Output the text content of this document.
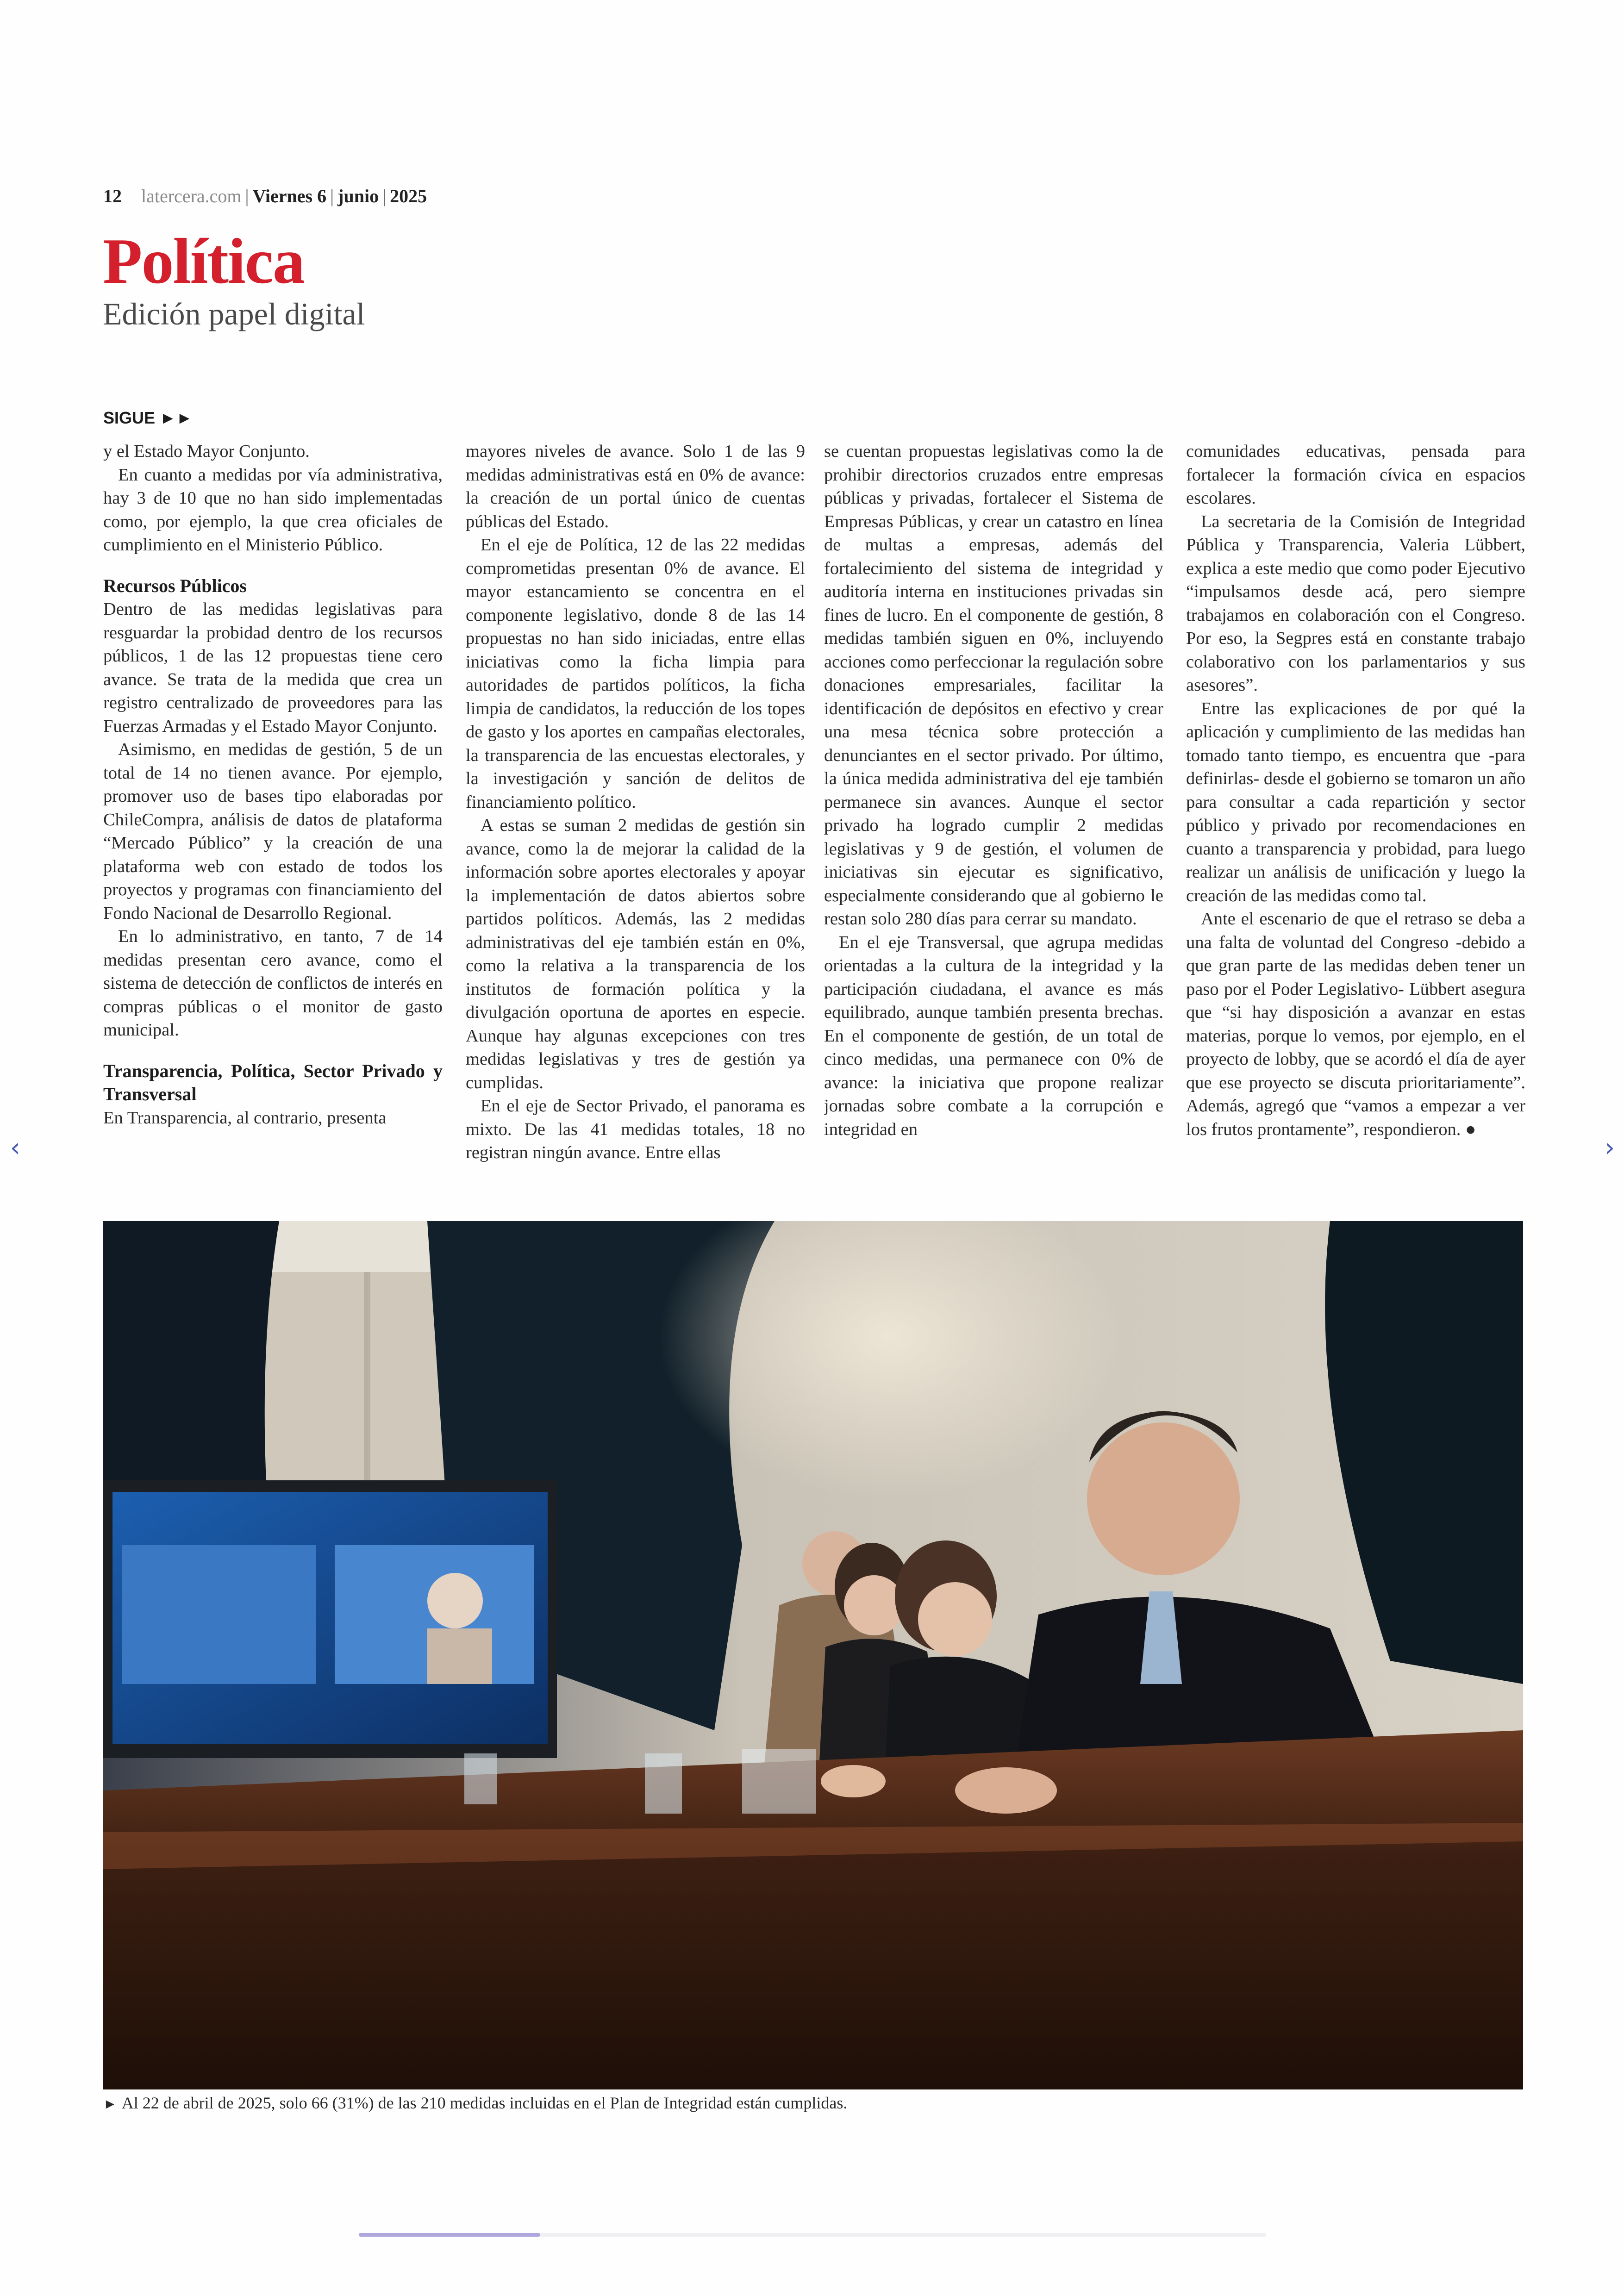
12 latercera.com | Viernes 6 | junio | 2025
Política
Edición papel digital
SIGUE ►►

y el Estado Mayor Conjunto.

En cuanto a medidas por vía administrativa, hay 3 de 10 que no han sido implementadas como, por ejemplo, la que crea oficiales de cumplimiento en el Ministerio Público.

Recursos Públicos

Dentro de las medidas legislativas para resguardar la probidad dentro de los recursos públicos, 1 de las 12 propuestas tiene cero avance. Se trata de la medida que crea un registro centralizado de proveedores para las Fuerzas Armadas y el Estado Mayor Conjunto.

Asimismo, en medidas de gestión, 5 de un total de 14 no tienen avance. Por ejemplo, promover uso de bases tipo elaboradas por ChileCompra, análisis de datos de plataforma “Mercado Público” y la creación de una plataforma web con estado de todos los proyectos y programas con financiamiento del Fondo Nacional de Desarrollo Regional.

En lo administrativo, en tanto, 7 de 14 medidas presentan cero avance, como el sistema de detección de conflictos de interés en compras públicas o el monitor de gasto municipal.

Transparencia, Política, Sector Privado y Transversal

En Transparencia, al contrario, presenta

mayores niveles de avance. Solo 1 de las 9 medidas administrativas está en 0% de avance: la creación de un portal único de cuentas públicas del Estado.

En el eje de Política, 12 de las 22 medidas comprometidas presentan 0% de avance. El mayor estancamiento se concentra en el componente legislativo, donde 8 de las 14 propuestas no han sido iniciadas, entre ellas iniciativas como la ficha limpia para autoridades de partidos políticos, la ficha limpia de candidatos, la reducción de los topes de gasto y los aportes en campañas electorales, la transparencia de las encuestas electorales, y la investigación y sanción de delitos de financiamiento político.

A estas se suman 2 medidas de gestión sin avance, como la de mejorar la calidad de la información sobre aportes electorales y apoyar la implementación de datos abiertos sobre partidos políticos. Además, las 2 medidas administrativas del eje también están en 0%, como la relativa a la transparencia de los institutos de formación política y la divulgación oportuna de aportes en especie. Aunque hay algunas excepciones con tres medidas legislativas y tres de gestión ya cumplidas.

En el eje de Sector Privado, el panorama es mixto. De las 41 medidas totales, 18 no registran ningún avance. Entre ellas

se cuentan propuestas legislativas como la de prohibir directorios cruzados entre empresas públicas y privadas, fortalecer el Sistema de Empresas Públicas, y crear un catastro en línea de multas a empresas, además del fortalecimiento del sistema de integridad y auditoría interna en instituciones privadas sin fines de lucro. En el componente de gestión, 8 medidas también siguen en 0%, incluyendo acciones como perfeccionar la regulación sobre donaciones empresariales, facilitar la identificación de depósitos en efectivo y crear una mesa técnica sobre protección a denunciantes en el sector privado. Por último, la única medida administrativa del eje también permanece sin avances. Aunque el sector privado ha logrado cumplir 2 medidas legislativas y 9 de gestión, el volumen de iniciativas sin ejecutar es significativo, especialmente considerando que al gobierno le restan solo 280 días para cerrar su mandato.

En el eje Transversal, que agrupa medidas orientadas a la cultura de la integridad y la participación ciudadana, el avance es más equilibrado, aunque también presenta brechas. En el componente de gestión, de un total de cinco medidas, una permanece con 0% de avance: la iniciativa que propone realizar jornadas sobre combate a la corrupción e integridad en

comunidades educativas, pensada para fortalecer la formación cívica en espacios escolares.

La secretaria de la Comisión de Integridad Pública y Transparencia, Valeria Lübbert, explica a este medio que como poder Ejecutivo “impulsamos desde acá, pero siempre trabajamos en colaboración con el Congreso. Por eso, la Segpres está en constante trabajo colaborativo con los parlamentarios y sus asesores”.

Entre las explicaciones de por qué la aplicación y cumplimiento de las medidas han tomado tanto tiempo, es encuentra que -para definirlas- desde el gobierno se tomaron un año para consultar a cada repartición y sector público y privado por recomendaciones en cuanto a transparencia y probidad, para luego realizar un análisis de unificación y luego la creación de las medidas como tal.

Ante el escenario de que el retraso se deba a una falta de voluntad del Congreso -debido a que gran parte de las medidas deben tener un paso por el Poder Legislativo- Lübbert asegura que “si hay disposición a avanzar en estas materias, porque lo vemos, por ejemplo, en el proyecto de lobby, que se acordó el día de ayer que ese proyecto se discuta prioritariamente”. Además, agregó que “vamos a empezar a ver los frutos prontamente”, respondieron. ●

► Al 22 de abril de 2025, solo 66 (31%) de las 210 medidas incluidas en el Plan de Integridad están cumplidas.
‹	›
